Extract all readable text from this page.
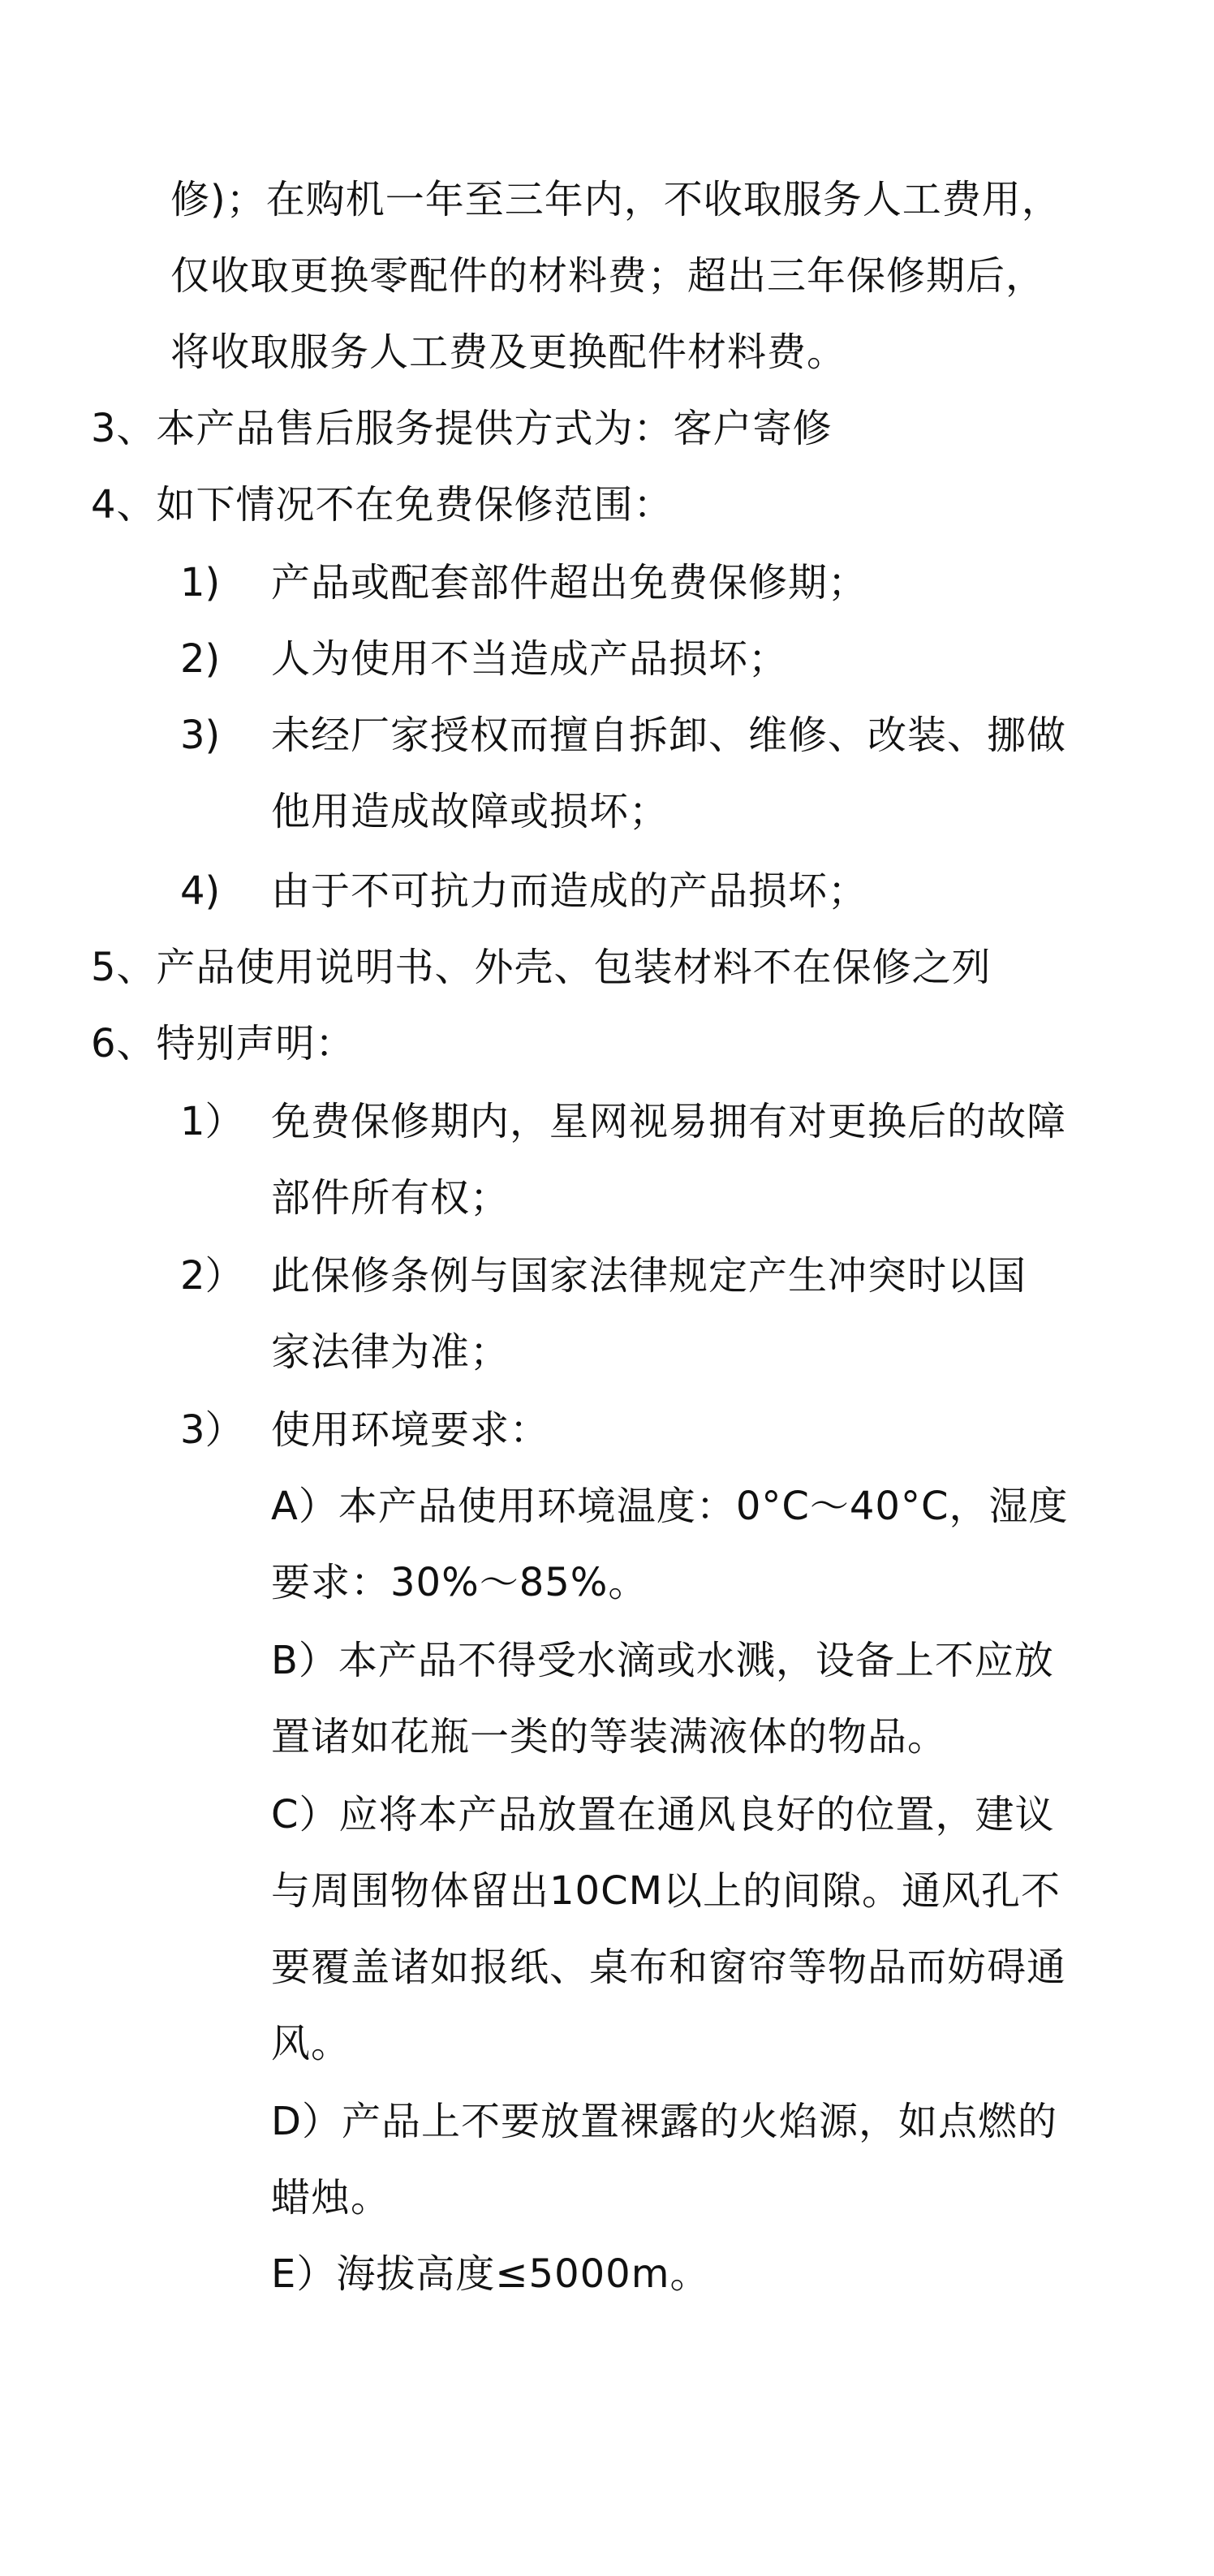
修)；在购机一年至三年内，不收取服务人工费用，
仅收取更换零配件的材料费；超出三年保修期后，
将收取服务人工费及更换配件材料费。
3、本产品售后服务提供方式为：客户寄修
4、如下情况不在免费保修范围：
1) 产品或配套部件超出免费保修期；
2) 人为使用不当造成产品损坏；
3) 未经厂家授权而擅自拆卸、维修、改装、挪做
他用造成故障或损坏；
4) 由于不可抗力而造成的产品损坏；
5、产品使用说明书、外壳、包装材料不在保修之列
6、特别声明：
1） 免费保修期内，星网视易拥有对更换后的故障
部件所有权；
2） 此保修条例与国家法律规定产生冲突时以国
家法律为准；
3） 使用环境要求：
A）本产品使用环境温度：0°C～40°C，湿度
要求：30%～85%。
B）本产品不得受水滴或水溅，设备上不应放
置诸如花瓶一类的等装满液体的物品。
C）应将本产品放置在通风良好的位置，建议
与周围物体留出10CM以上的间隙。通风孔不
要覆盖诸如报纸、桌布和窗帘等物品而妨碍通
风。
D）产品上不要放置裸露的火焰源，如点燃的
蜡烛。
E）海拔高度≤5000m。
